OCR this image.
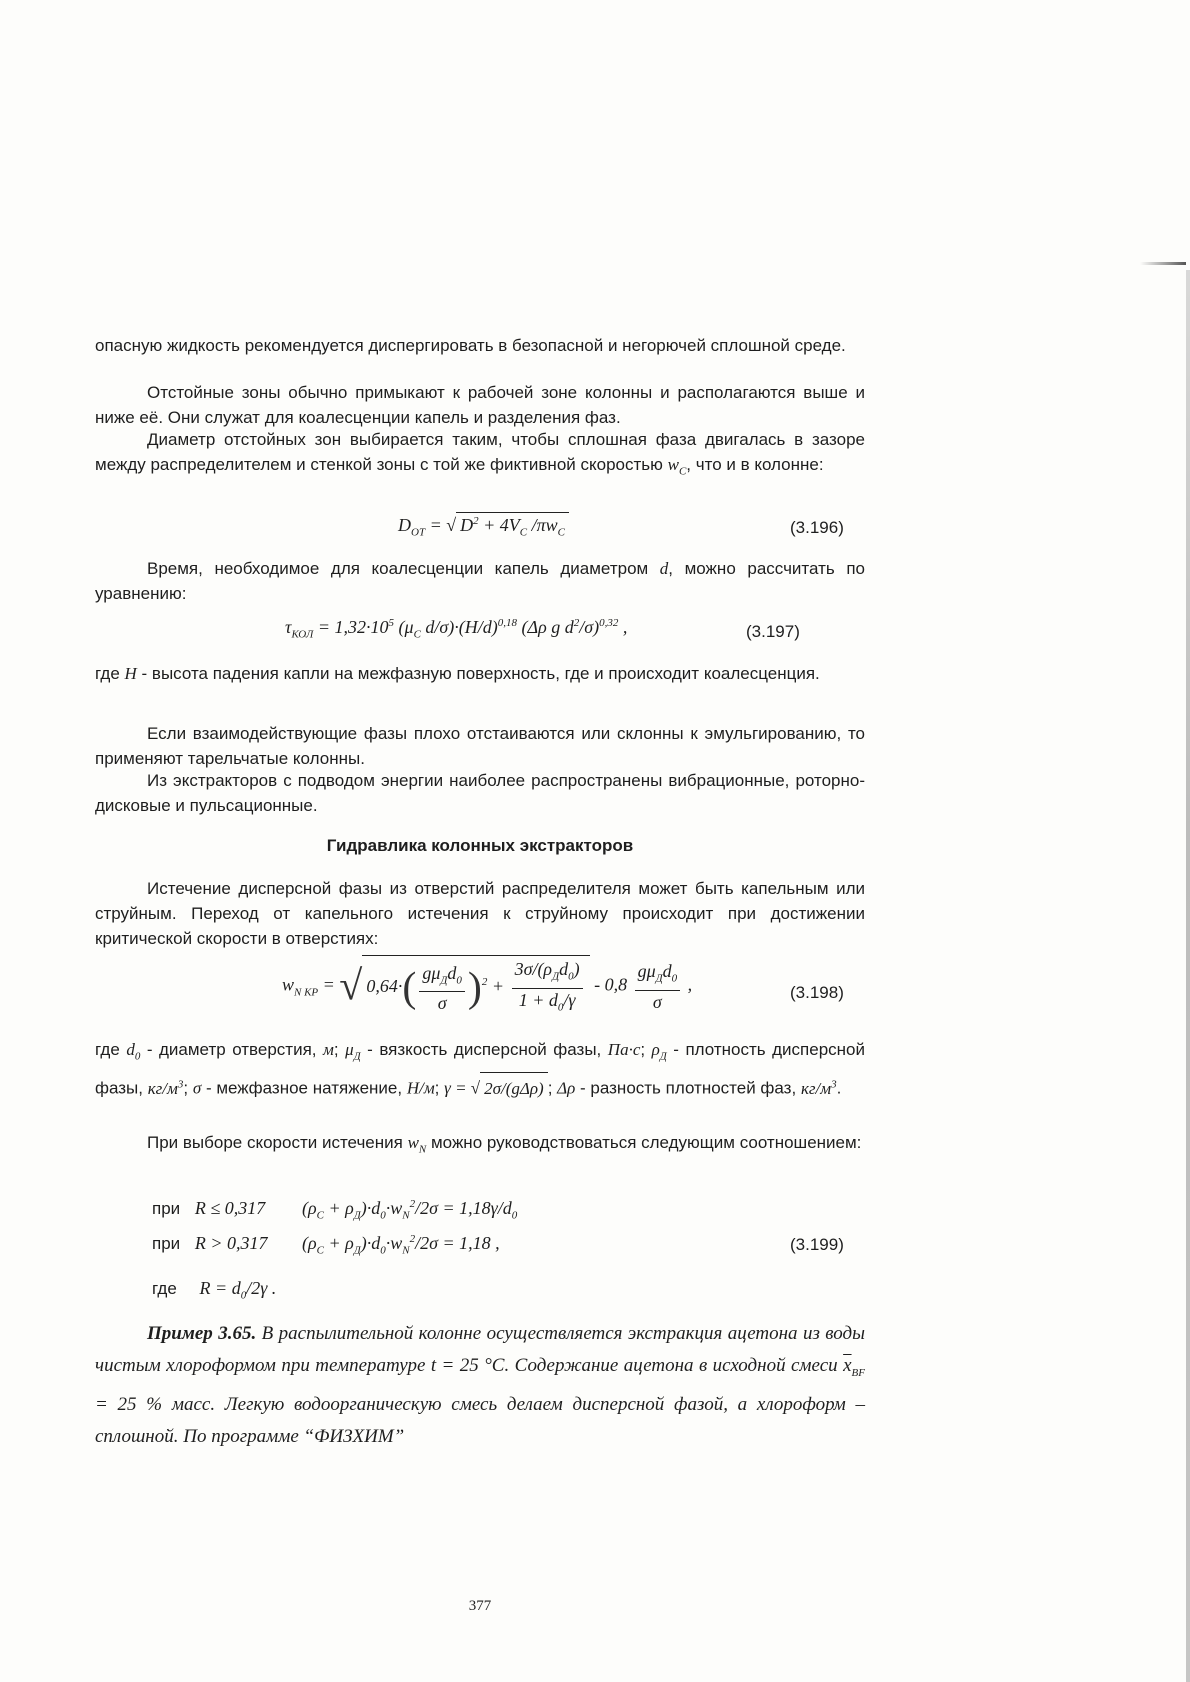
опасную жидкость рекомендуется диспергировать в безопасной и негорючей сплошной среде.

Отстойные зоны обычно примыкают к рабочей зоне колонны и располагаются выше и ниже её. Они служат для коалесценции капель и разделения фаз.

Диаметр отстойных зон выбирается таким, чтобы сплошная фаза двигалась в зазоре между распределителем и стенкой зоны с той же фиктивной скоростью $w_C$, что и в колонне:

$D_{ОТ}$ = √ $D^2 + 4V_C$ $/\pi w_C$	(3.196)

Время, необходимое для коалесценции капель диаметром d, можно рассчитать по уравнению:

$\tau_{КОЛ} = 1,32\cdot 10^5$ ($\mu_C$ $d/\sigma)\cdot(H/d)^{0,18}$ (Δρ g $d^2/\sigma)^{0,32}$ ,	(3.197)

где H - высота падения капли на межфазную поверхность, где и происходит коалесценция.

Если взаимодействующие фазы плохо отстаиваются или склонны к эмульгированию, то применяют тарельчатые колонны.

Из экстракторов с подводом энергии наиболее распространены вибрационные, роторно-дисковые и пульсационные.

Гидравлика колонных экстракторов

Истечение дисперсной фазы из отверстий распределителя может быть капельным или струйным. Переход от капельного истечения к струйному происходит при достижении критической скорости в отверстиях:

$w_{N КР}$ = √ $0,64\cdot( \frac{g\mu_Дd_0}{\sigma} )^2 + \frac{3\sigma/(\rho_Дd_0)}{1 + d_0/\gamma} - 0,8 \frac{g\mu_Дd_0}{\sigma}$ ,	(3.198)

где $d_0$ - диаметр отверстия, м; $\mu_Д$ - вязкость дисперсной фазы, Па·с; $\rho_Д$ - плотность дисперсной фазы, $кг/м^3$; σ - межфазное натяжение, Н/м; γ = √ 2σ/(gΔρ) ; Δρ - разность плотностей фаз, $кг/м^3$.

При выборе скорости истечения $w_N$ можно руководствоваться следующим соотношением:

при R ≤ 0,317 $(\rho_C + \rho_Д)\cdot d_0\cdot w_N^2/2\sigma = 1,18\gamma/d_0$
при R > 0,317 $(\rho_C + \rho_Д)\cdot d_0\cdot w_N^2/2\sigma = 1,18$ ,	(3.199)
где $R = d_0/2\gamma$ .

Пример 3.65. В распылительной колонне осуществляется экстракция ацетона из воды чистым хлороформом при температуре t = 25 °C. Содержание ацетона в исходной смеси $\overline{x}_{BF} = 25$ % масс. Легкую водоорганическую смесь делаем дисперсной фазой, а хлороформ – сплошной. По программе “ФИЗХИМ”

377
